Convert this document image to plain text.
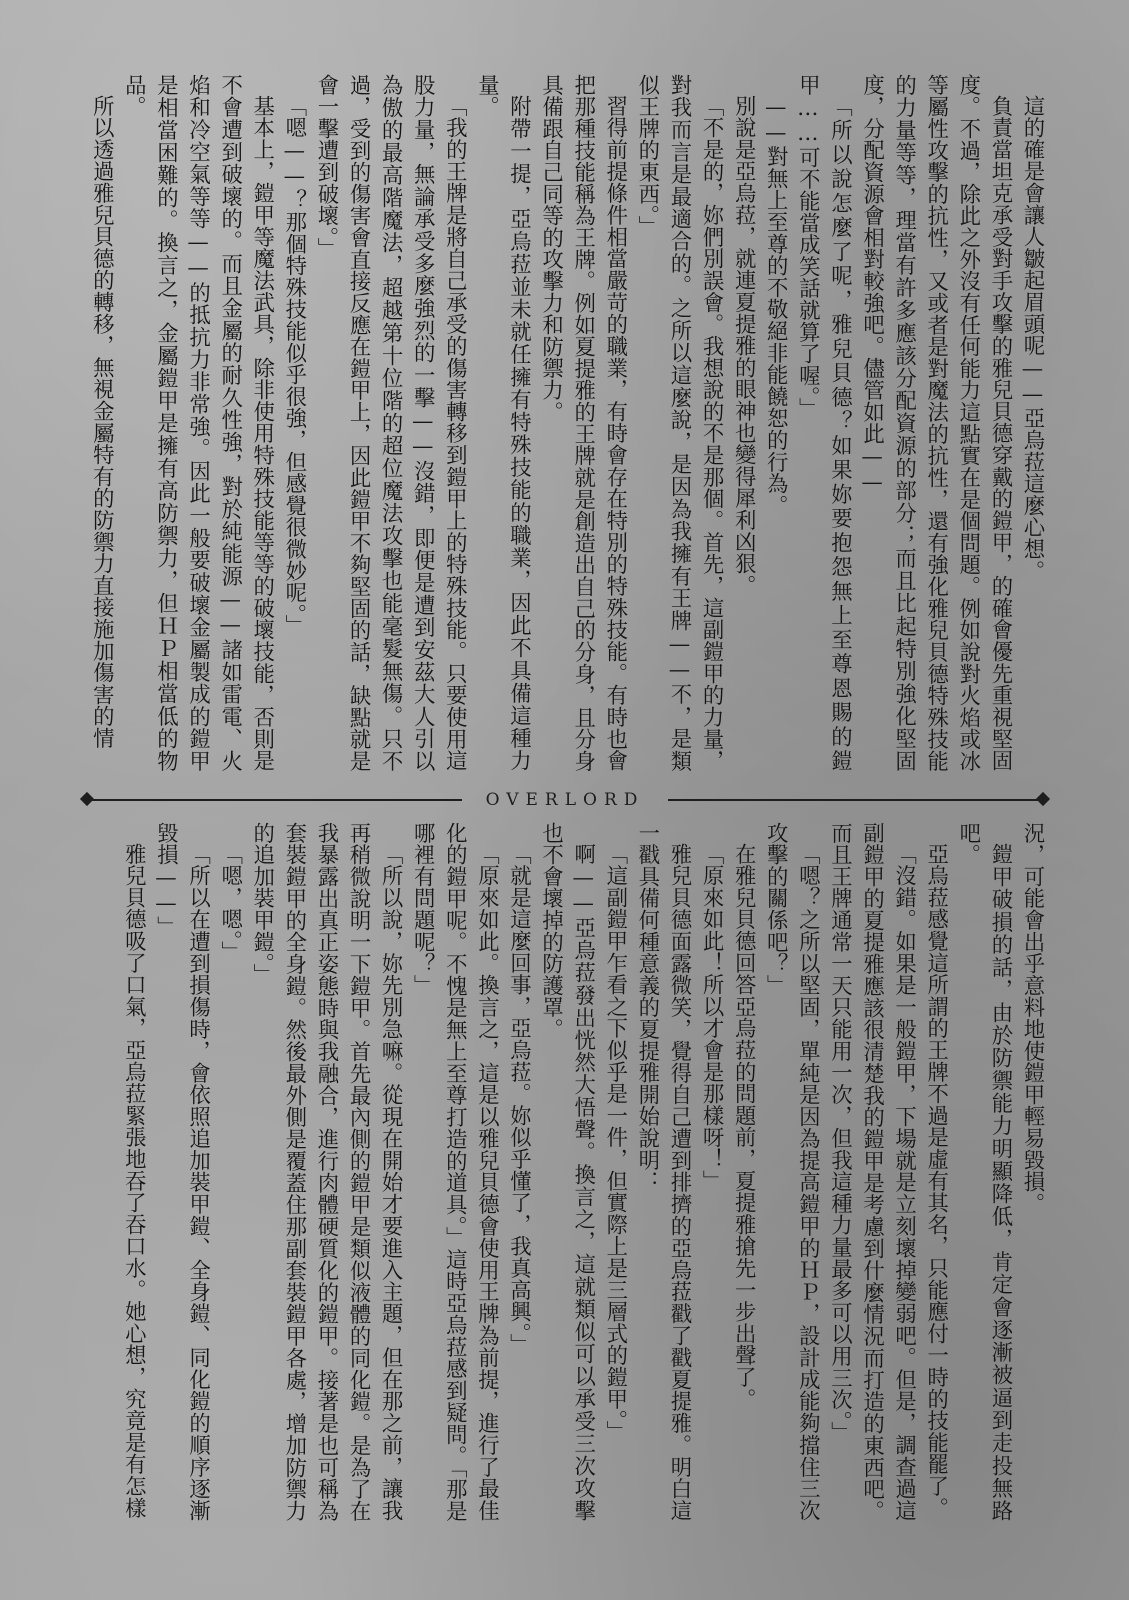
這的確是會讓人皺起眉頭呢——亞烏菈這麼心想。

負責當坦克承受對手攻擊的雅兒貝德穿戴的鎧甲，的確會優先重視堅固度。不過，除此之外沒有任何能力這點實在是個問題。例如說對火焰或冰等屬性攻擊的抗性，又或者是對魔法的抗性，還有強化雅兒貝德特殊技能的力量等等，理當有許多應該分配資源的部分；而且比起特別強化堅固度，分配資源會相對較強吧。儘管如此——

「所以說怎麼了呢，雅兒貝德？如果妳要抱怨無上至尊恩賜的鎧甲……可不能當成笑話就算了喔。」

——對無上至尊的不敬絕非能饒恕的行為。

別說是亞烏菈，就連夏提雅的眼神也變得犀利凶狠。

「不是的，妳們別誤會。我想說的不是那個。首先，這副鎧甲的力量，對我而言是最適合的。之所以這麼說，是因為我擁有王牌——不，是類似王牌的東西。」

習得前提條件相當嚴苛的職業，有時會存在特別的特殊技能。有時也會把那種技能稱為王牌。例如夏提雅的王牌就是創造出自己的分身，且分身具備跟自己同等的攻擊力和防禦力。

附帶一提，亞烏菈並未就任擁有特殊技能的職業，因此不具備這種力量。

「我的王牌是將自己承受的傷害轉移到鎧甲上的特殊技能。只要使用這股力量，無論承受多麼強烈的一擊——沒錯，即便是遭到安茲大人引以為傲的最高階魔法，超越第十位階的超位魔法攻擊也能毫髮無傷。只不過，受到的傷害會直接反應在鎧甲上，因此鎧甲不夠堅固的話，缺點就是會一擊遭到破壞。」

「嗯——？那個特殊技能似乎很強，但感覺很微妙呢。」

基本上，鎧甲等魔法武具，除非使用特殊技能等等的破壞技能，否則是不會遭到破壞的。而且金屬的耐久性強，對於純能源——諸如雷電、火焰和冷空氣等等——的抵抗力非常強。因此一般要破壞金屬製成的鎧甲是相當困難的。換言之，金屬鎧甲是擁有高防禦力，但ＨＰ相當低的物品。

所以透過雅兒貝德的轉移，無視金屬特有的防禦力直接施加傷害的情

OVERLORD

況，可能會出乎意料地使鎧甲輕易毀損。

鎧甲破損的話，由於防禦能力明顯降低，肯定會逐漸被逼到走投無路吧。

亞烏菈感覺這所謂的王牌不過是虛有其名，只能應付一時的技能罷了。

「沒錯。如果是一般鎧甲，下場就是立刻壞掉變弱吧。但是，調查過這副鎧甲的夏提雅應該很清楚我的鎧甲是考慮到什麼情況而打造的東西吧。而且王牌通常一天只能用一次，但我這種力量最多可以用三次。」

「嗯？之所以堅固，單純是因為提高鎧甲的ＨＰ，設計成能夠擋住三次攻擊的關係吧？」

在雅兒貝德回答亞烏菈的問題前，夏提雅搶先一步出聲了。

「原來如此！所以才會是那樣呀！」

雅兒貝德面露微笑，覺得自己遭到排擠的亞烏菈戳了戳夏提雅。明白這一戳具備何種意義的夏提雅開始說明：

「這副鎧甲乍看之下似乎是一件，但實際上是三層式的鎧甲。」

啊——亞烏菈發出恍然大悟聲。換言之，這就類似可以承受三次攻擊也不會壞掉的防護罩。

「就是這麼回事，亞烏菈。妳似乎懂了，我真高興。」

「原來如此。換言之，這是以雅兒貝德會使用王牌為前提，進行了最佳化的鎧甲呢。不愧是無上至尊打造的道具。」這時亞烏菈感到疑問。「那是哪裡有問題呢？」

「所以說，妳先別急嘛。從現在開始才要進入主題，但在那之前，讓我再稍微說明一下鎧甲。首先最內側的鎧甲是類似液體的同化鎧。是為了在我暴露出真正姿態時與我融合，進行肉體硬質化的鎧甲。接著是也可稱為套裝鎧甲的全身鎧。然後最外側是覆蓋住那副套裝鎧甲各處，增加防禦力的追加裝甲鎧。」

「嗯，嗯。」

「所以在遭到損傷時，會依照追加裝甲鎧、全身鎧、同化鎧的順序逐漸毀損——」

雅兒貝德吸了口氣，亞烏菈緊張地吞了吞口水。她心想，究竟是有怎樣
